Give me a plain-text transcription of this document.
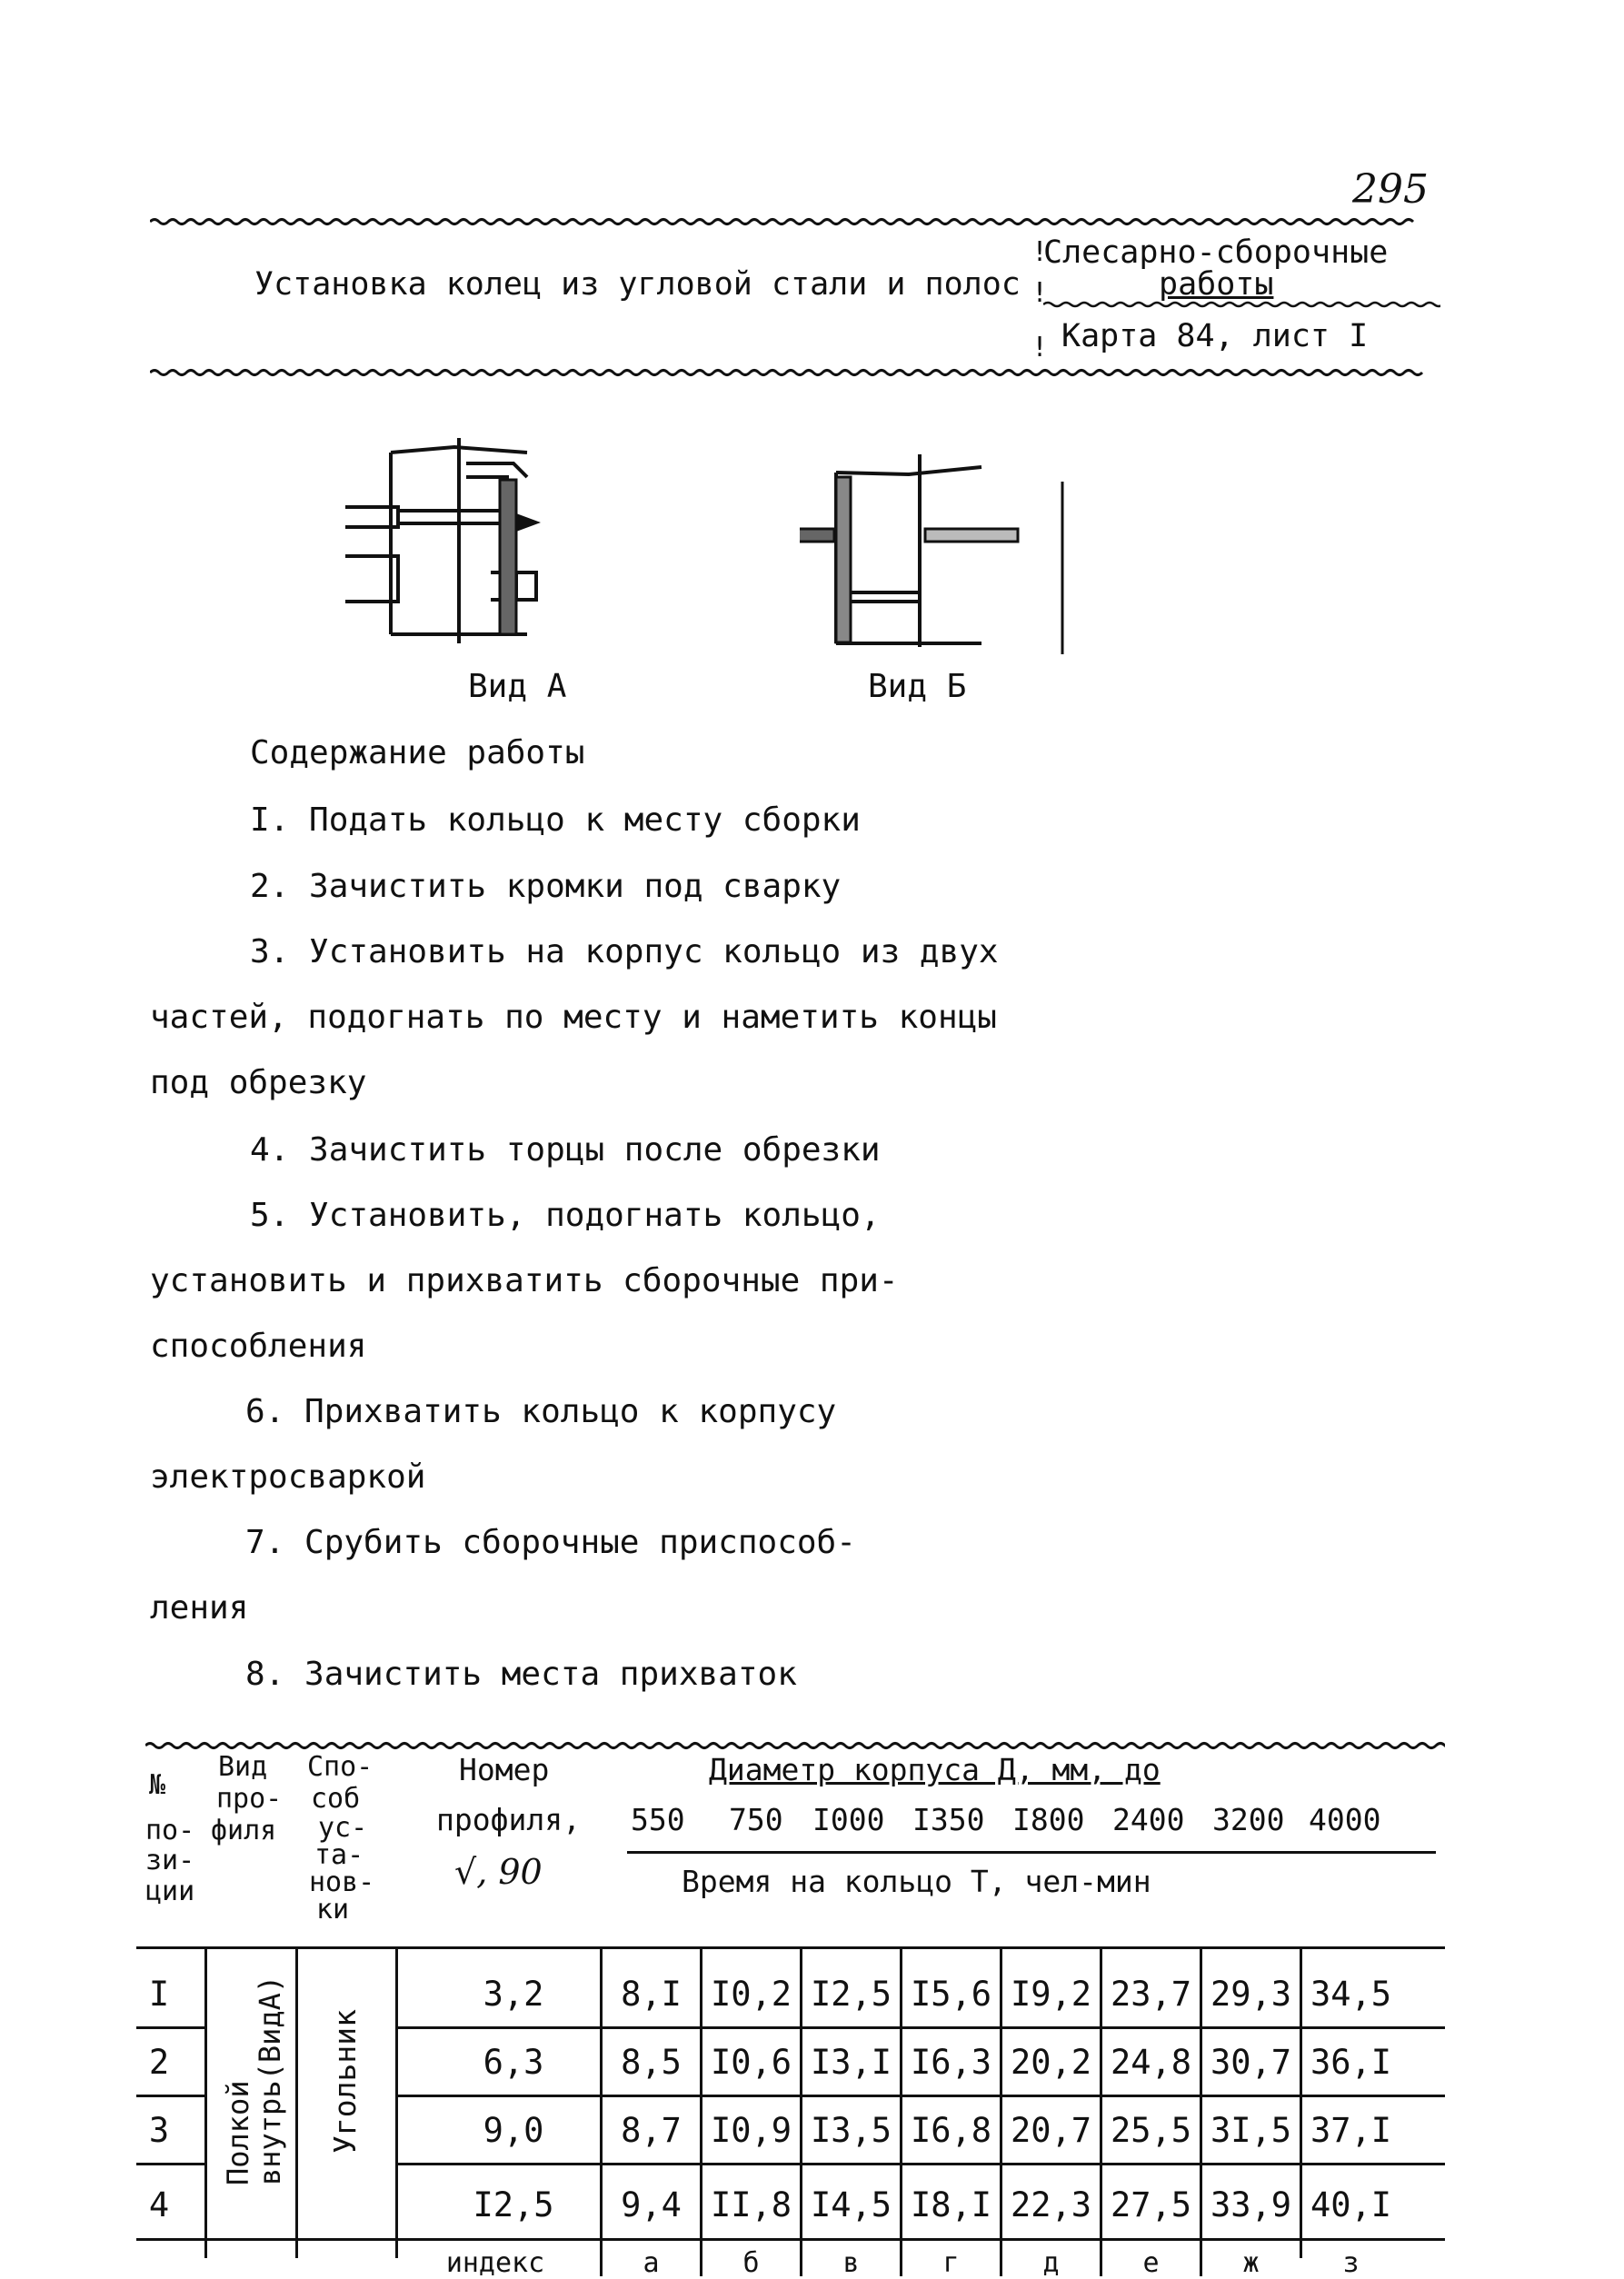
295
Установка колец из угловой стали и полос
!
Слесарно-сборочные
!	работы
! Карта 84, лист I
Вид А	Вид Б
Содержание работы
I. Подать кольцо к месту сборки
2. Зачистить кромки под сварку
3. Установить на корпус кольцо из двух
частей, подогнать по месту и наметить концы
под обрезку
4. Зачистить торцы после обрезки
5. Установить, подогнать кольцо,
установить и прихватить сборочные при-
способления
6. Прихватить кольцо к корпусу
электросваркой
7. Срубить сборочные приспособ-
ления
8. Зачистить места прихваток
№
по-
зи-
ции
Вид
про-
филя
Спо-
соб
ус-
та-
нов-
ки
Номер
профиля,
√, 90
Диаметр корпуса Д, мм, до
550 750 I000 I350 I800 2400 3200 4000
Время на кольцо Т, чел-мин
Полкой внутрь(ВидА) Угольник
I	3,2	8,I I0,2 I2,5 I5,6 I9,2 23,7 29,3 34,5
2	6,3	8,5 I0,6 I3,I I6,3 20,2 24,8 30,7 36,I
3	9,0	8,7 I0,9 I3,5 I6,8 20,7 25,5 3I,5 37,I
4	I2,5	9,4 II,8 I4,5 I8,I 22,3 27,5 33,9 40,I
индекс	а	б	в	г	д	е	ж	з
